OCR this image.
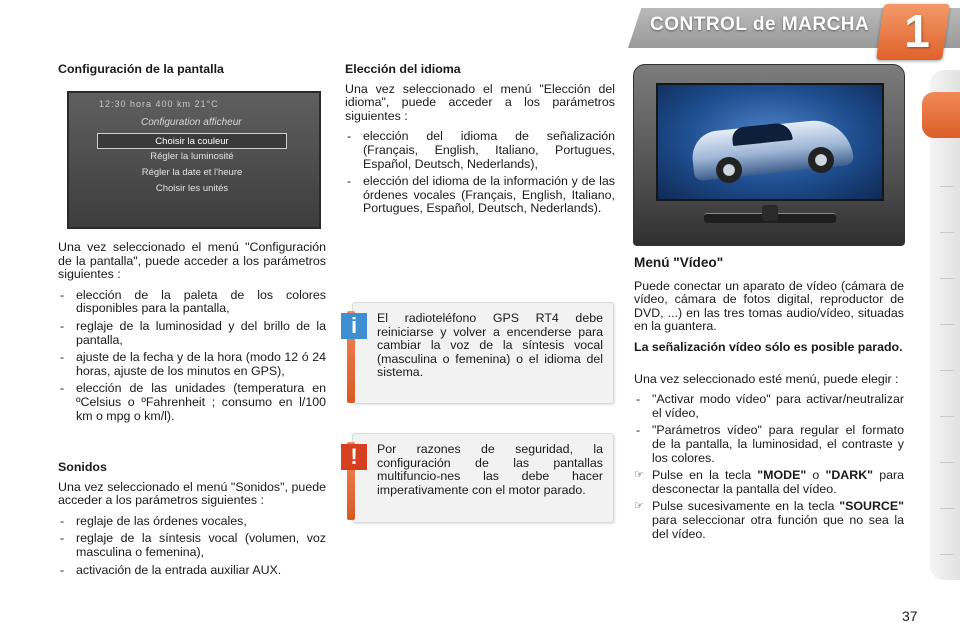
CONTROL de MARCHA 1
Configuración de la pantalla
12:30 hora 400 km 21°C
Configuration afficheur
Choisir la couleur
Régler la luminosité
Régler la date et l'heure
Choisir les unités

Una vez seleccionado el menú "Configuración de la pantalla", puede acceder a los parámetros siguientes :

- elección de la paleta de los colores disponibles para la pantalla,
- reglaje de la luminosidad y del brillo de la pantalla,
- ajuste de la fecha y de la hora (modo 12 ó 24 horas, ajuste de los minutos en GPS),
- elección de las unidades (temperatura en ºCelsius o ºFahrenheit ; consumo en l/100 km o mpg o km/l).
Sonidos

Una vez seleccionado el menú "Sonidos", puede acceder a los parámetros siguientes :

- reglaje de las órdenes vocales,
- reglaje de la síntesis vocal (volumen, voz masculina o femenina),
- activación de la entrada auxiliar AUX.
Elección del idioma

Una vez seleccionado el menú "Elección del idioma", puede acceder a los parámetros siguientes :

- elección del idioma de señalización (Français, English, Italiano, Portugues, Español, Deutsch, Nederlands),
- elección del idioma de la información y de las órdenes vocales (Français, English, Italiano, Portugues, Español, Deutsch, Nederlands).
i	El radioteléfono GPS RT4 debe reiniciarse y volver a encenderse para cambiar la voz de la síntesis vocal (masculina o femenina) o el idioma del sistema.
!	Por razones de seguridad, la configuración de las pantallas multifuncio-nes las debe hacer imperativamente con el motor parado.
Menú "Vídeo"

Puede conectar un aparato de vídeo (cámara de vídeo, cámara de fotos digital, reproductor de DVD, ...) en las tres tomas audio/vídeo, situadas en la guantera.

La señalización vídeo sólo es posible parado.

Una vez seleccionado esté menú, puede elegir :

- "Activar modo vídeo" para activar/neutralizar el vídeo,
- "Parámetros vídeo" para regular el formato de la pantalla, la luminosidad, el contraste y los colores.
☞ Pulse en la tecla "MODE" o "DARK" para desconectar la pantalla del vídeo.
☞ Pulse sucesivamente en la tecla "SOURCE" para seleccionar otra función que no sea la del vídeo.
37
